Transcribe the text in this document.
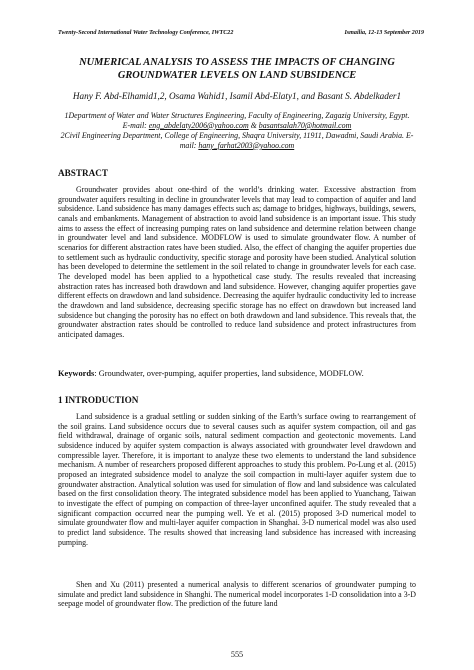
Twenty-Second International Water Technology Conference, IWTC22	Ismailia, 12-13 September 2019
NUMERICAL ANALYSIS TO ASSESS THE IMPACTS OF CHANGING
GROUNDWATER LEVELS ON LAND SUBSIDENCE
Hany F. Abd-Elhamid1,2, Osama Wahid1, Isamil Abd-Elaty1, and Basant S. Abdelkader1
1Department of Water and Water Structures Engineering, Faculty of Engineering, Zagazig University, Egypt. E-mail: eng_abdelaty2006@yahoo.com & basantsalah70@hotmail.com
2Civil Engineering Department, College of Engineering, Shaqra University, 11911, Dawadmi, Saudi Arabia. E-mail: hany_farhat2003@yahoo.com
ABSTRACT

Groundwater provides about one-third of the world’s drinking water. Excessive abstraction from groundwater aquifers resulting in decline in groundwater levels that may lead to compaction of aquifer and land subsidence. Land subsidence has many damages effects such as; damage to bridges, highways, buildings, sewers, canals and embankments. Management of abstraction to avoid land subsidence is an important issue. This study aims to assess the effect of increasing pumping rates on land subsidence and determine relation between change in groundwater level and land subsidence. MODFLOW is used to simulate groundwater flow. A number of scenarios for different abstraction rates have been studied. Also, the effect of changing the aquifer properties due to settlement such as hydraulic conductivity, specific storage and porosity have been studied. Analytical solution has been developed to determine the settlement in the soil related to change in groundwater levels for each case. The developed model has been applied to a hypothetical case study. The results revealed that increasing abstraction rates has increased both drawdown and land subsidence. However, changing aquifer properties gave different effects on drawdown and land subsidence. Decreasing the aquifer hydraulic conductivity led to increase the drawdown and land subsidence, decreasing specific storage has no effect on drawdown but increased land subsidence but changing the porosity has no effect on both drawdown and land subsidence. This reveals that, the groundwater abstraction rates should be controlled to reduce land subsidence and protect infrastructures from anticipated damages.

Keywords: Groundwater, over-pumping, aquifer properties, land subsidence, MODFLOW.
1 INTRODUCTION

Land subsidence is a gradual settling or sudden sinking of the Earth’s surface owing to rearrangement of the soil grains. Land subsidence occurs due to several causes such as aquifer system compaction, oil and gas field withdrawal, drainage of organic soils, natural sediment compaction and geotectonic movements. Land subsidence induced by aquifer system compaction is always associated with groundwater level drawdown and compressible layer. Therefore, it is important to analyze these two elements to understand the land subsidence mechanism. A number of researchers proposed different approaches to study this problem. Po-Lung et al. (2015) proposed an integrated subsidence model to analyze the soil compaction in multi-layer aquifer system due to groundwater abstraction. Analytical solution was used for simulation of flow and land subsidence was calculated based on the first consolidation theory. The integrated subsidence model has been applied to Yuanchang, Taiwan to investigate the effect of pumping on compaction of three-layer unconfined aquifer. The study revealed that a significant compaction occurred near the pumping well. Ye et al. (2015) proposed 3-D numerical model to simulate groundwater flow and multi-layer aquifer compaction in Shanghai. 3-D numerical model was also used to predict land subsidence. The results showed that increasing land subsidence has increased with increasing pumping.

Shen and Xu (2011) presented a numerical analysis to different scenarios of groundwater pumping to simulate and predict land subsidence in Shanghi. The numerical model incorporates 1-D consolidation into a 3-D seepage model of groundwater flow. The prediction of the future land

555
